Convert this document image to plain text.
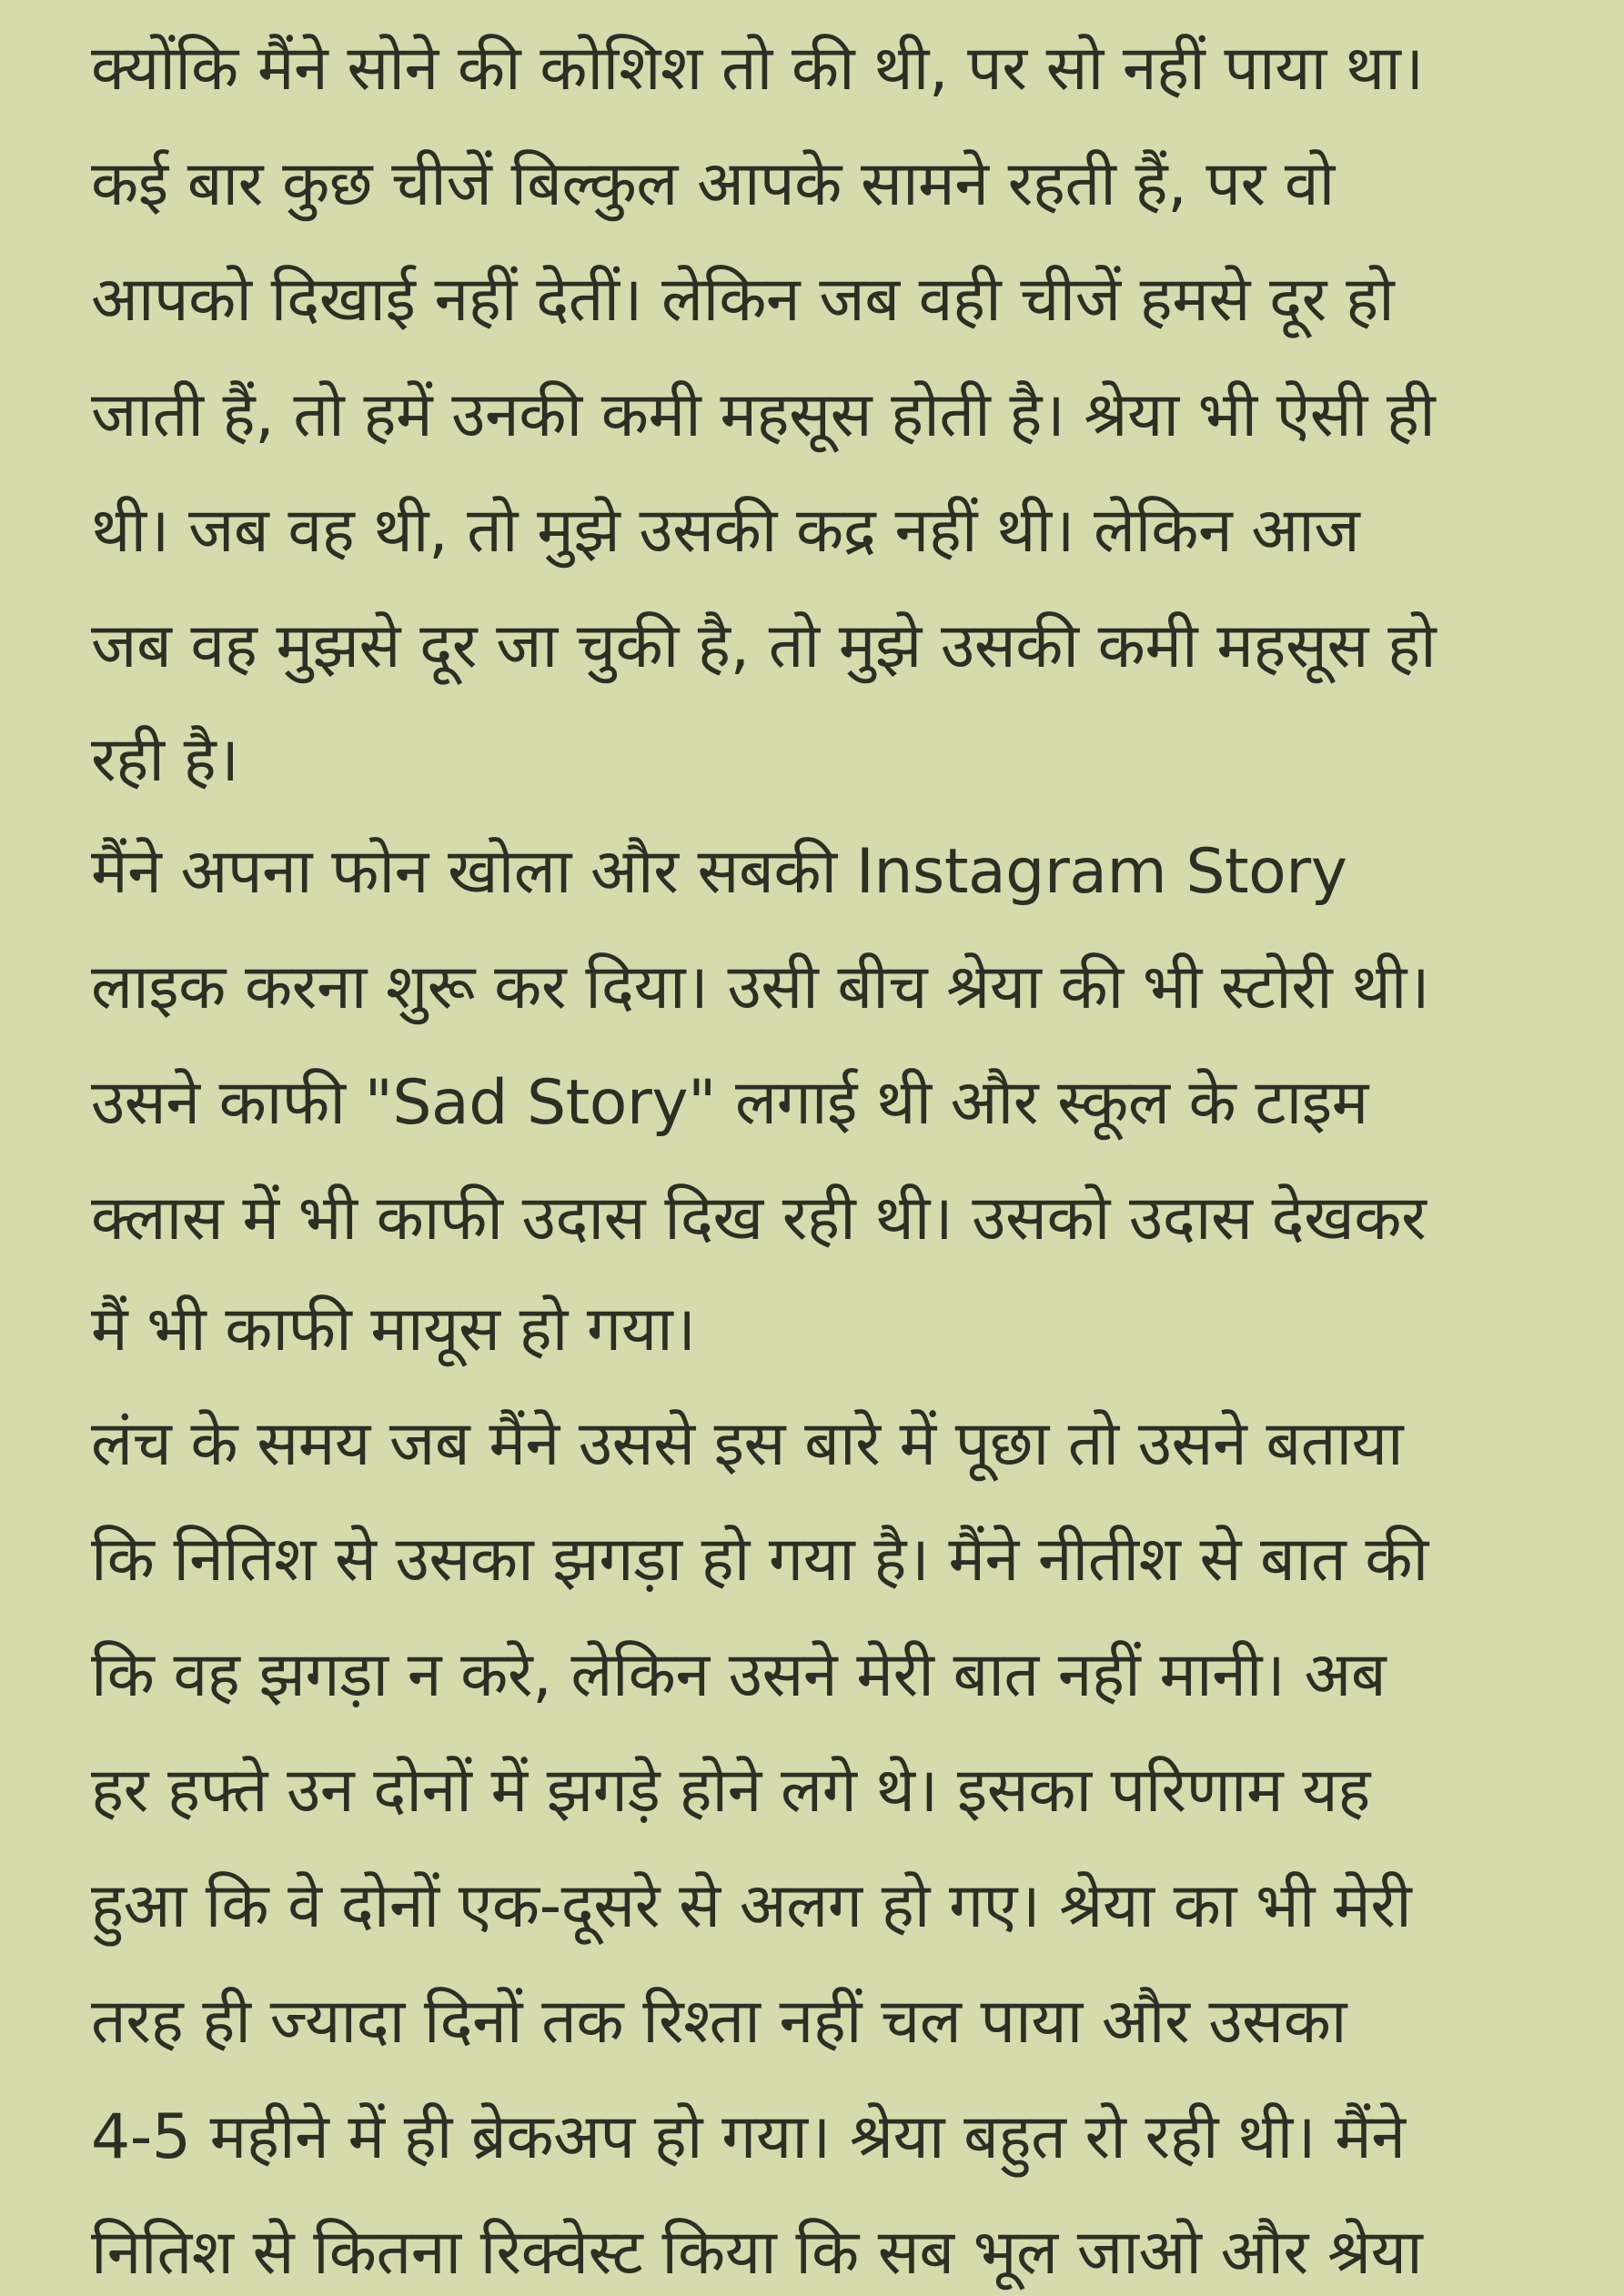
क्योंकि मैंने सोने की कोशिश तो की थी, पर सो नहीं पाया था।
कई बार कुछ चीजें बिल्कुल आपके सामने रहती हैं, पर वो
आपको दिखाई नहीं देतीं। लेकिन जब वही चीजें हमसे दूर हो
जाती हैं, तो हमें उनकी कमी महसूस होती है। श्रेया भी ऐसी ही
थी। जब वह थी, तो मुझे उसकी कद्र नहीं थी। लेकिन आज
जब वह मुझसे दूर जा चुकी है, तो मुझे उसकी कमी महसूस हो
रही है।
मैंने अपना फोन खोला और सबकी Instagram Story
लाइक करना शुरू कर दिया। उसी बीच श्रेया की भी स्टोरी थी।
उसने काफी "Sad Story" लगाई थी और स्कूल के टाइम
क्लास में भी काफी उदास दिख रही थी। उसको उदास देखकर
मैं भी काफी मायूस हो गया।
लंच के समय जब मैंने उससे इस बारे में पूछा तो उसने बताया
कि नितिश से उसका झगड़ा हो गया है। मैंने नीतीश से बात की
कि वह झगड़ा न करे, लेकिन उसने मेरी बात नहीं मानी। अब
हर हफ्ते उन दोनों में झगड़े होने लगे थे। इसका परिणाम यह
हुआ कि वे दोनों एक-दूसरे से अलग हो गए। श्रेया का भी मेरी
तरह ही ज्यादा दिनों तक रिश्ता नहीं चल पाया और उसका
4-5 महीने में ही ब्रेकअप हो गया। श्रेया बहुत रो रही थी। मैंने
नितिश से कितना रिक्वेस्ट किया कि सब भूल जाओ और श्रेया
